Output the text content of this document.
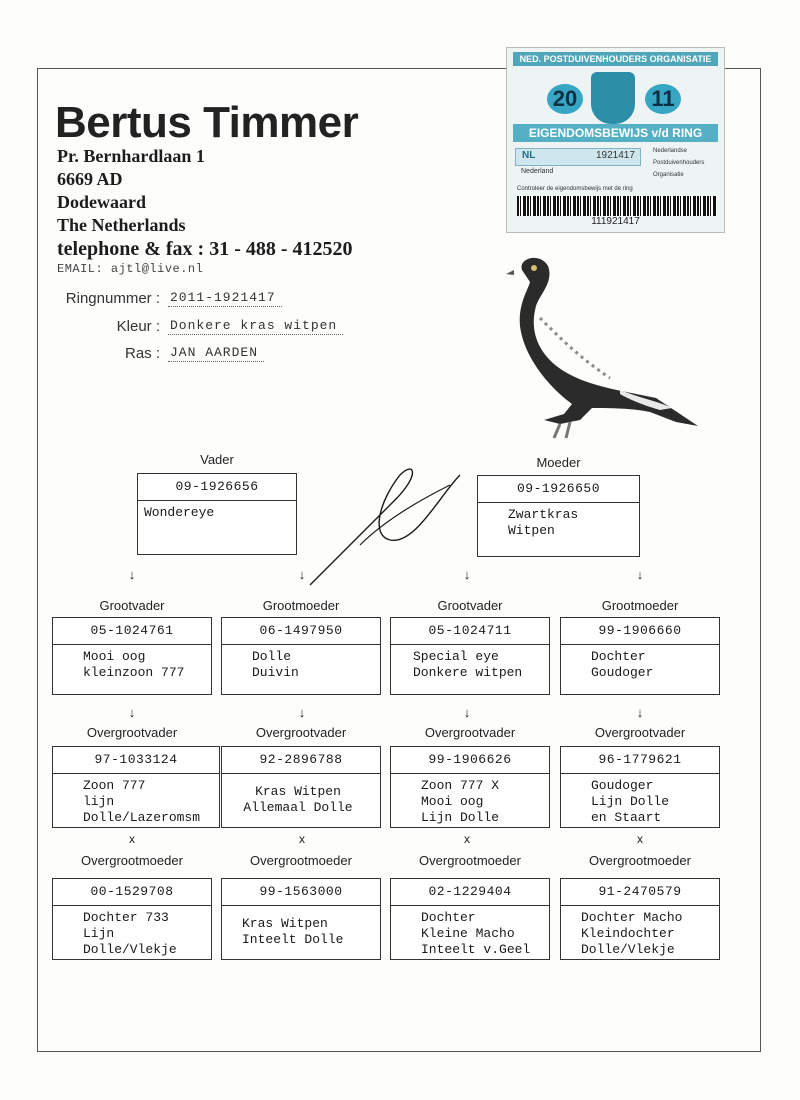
Bertus Timmer
Pr. Bernhardlaan 1
6669 AD
Dodewaard
The Netherlands
telephone & fax : 31 - 488 - 412520
EMAIL: ajtl@live.nl
Ringnummer : 2011-1921417
Kleur : Donkere kras witpen
Ras : JAN AARDEN
NED. POSTDUIVENHOUDERS ORGANISATIE
20	11
EIGENDOMSBEWIJS v/d RING
NL	1921417
Nederland
Nederlandse
Postduivenhouders
Organisatie
Controleer de eigendomsbewijs met de ring
111921417
Vader
09-1926656
Wondereye
Moeder
09-1926650
Zwartkras
Witpen
↓	↓	↓	↓
Grootvader
05-1024761
Mooi oog
kleinzoon 777
Grootmoeder
06-1497950
Dolle
Duivin
Grootvader
05-1024711
Special eye
Donkere witpen
Grootmoeder
99-1906660
Dochter
Goudoger
↓	↓	↓	↓
Overgrootvader
97-1033124
Zoon 777
lijn
Dolle/Lazeromsm
Overgrootvader
92-2896788
Kras Witpen
Allemaal Dolle
Overgrootvader
99-1906626
Zoon 777 X
Mooi oog
Lijn Dolle
Overgrootvader
96-1779621
Goudoger
Lijn Dolle
en Staart
x	x	x	x
Overgrootmoeder
00-1529708
Dochter 733
Lijn
Dolle/Vlekje
Overgrootmoeder
99-1563000
Kras Witpen
Inteelt Dolle
Overgrootmoeder
02-1229404
Dochter
Kleine Macho
Inteelt v.Geel
Overgrootmoeder
91-2470579
Dochter Macho
Kleindochter
Dolle/Vlekje
